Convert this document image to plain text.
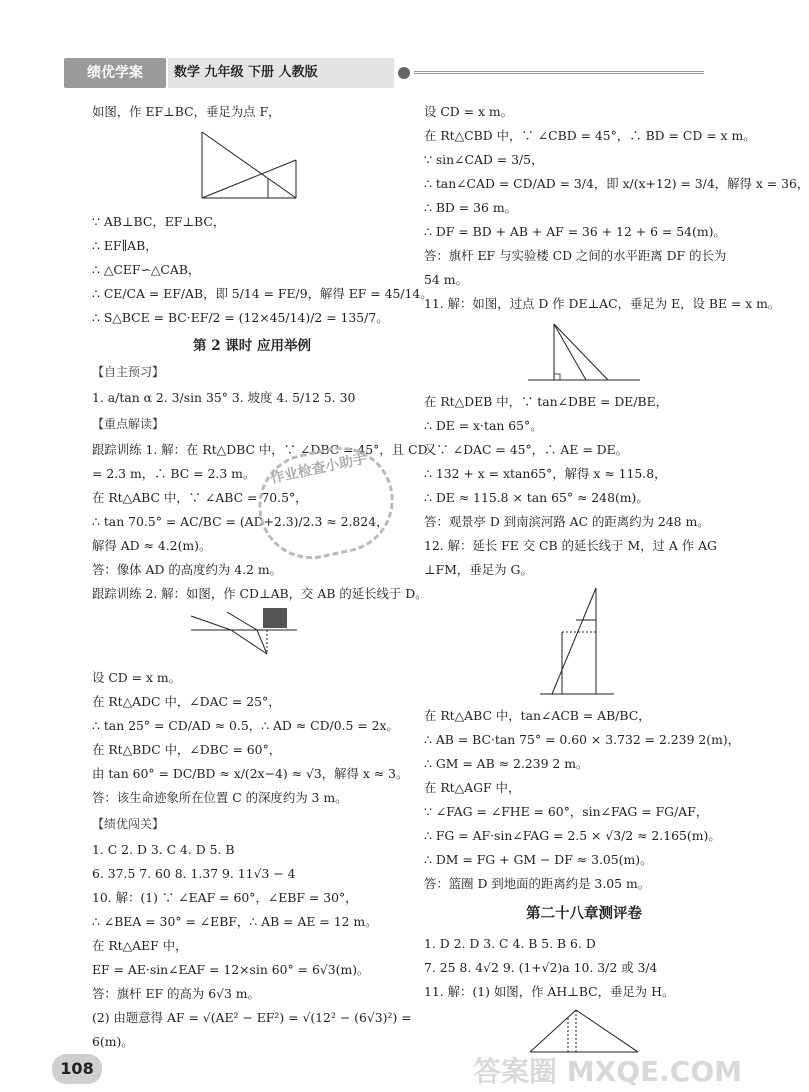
绩优学案	数学 九年级 下册 人教版

如图，作 EF⊥BC，垂足为点 F，

∵ AB⊥BC，EF⊥BC，

∴ EF∥AB，

∴ △CEF∽△CAB，

∴ CE/CA = EF/AB，即 5/14 = FE/9，解得 EF = 45/14。

∴ S△BCE = BC·EF/2 = (12×45/14)/2 = 135/7。

第 2 课时 应用举例
【自主预习】

1. a/tan α 2. 3/sin 35° 3. 坡度 4. 5/12 5. 30

【重点解读】

跟踪训练 1. 解：在 Rt△DBC 中，∵ ∠DBC = 45°，且 CD

= 2.3 m，∴ BC = 2.3 m。

在 Rt△ABC 中，∵ ∠ABC = 70.5°，

∴ tan 70.5° = AC/BC = (AD+2.3)/2.3 ≈ 2.824，

解得 AD ≈ 4.2(m)。

答：像体 AD 的高度约为 4.2 m。

跟踪训练 2. 解：如图，作 CD⊥AB，交 AB 的延长线于 D。

设 CD = x m。

在 Rt△ADC 中，∠DAC = 25°，

∴ tan 25° = CD/AD ≈ 0.5，∴ AD ≈ CD/0.5 = 2x。

在 Rt△BDC 中，∠DBC = 60°，

由 tan 60° = DC/BD ≈ x/(2x−4) ≈ √3，解得 x ≈ 3。

答：该生命迹象所在位置 C 的深度约为 3 m。

【绩优闯关】

1. C 2. D 3. C 4. D 5. B

6. 37.5 7. 60 8. 1.37 9. 11√3 − 4

10. 解：(1) ∵ ∠EAF = 60°，∠EBF = 30°，

∴ ∠BEA = 30° = ∠EBF，∴ AB = AE = 12 m。

在 Rt△AEF 中，

EF = AE·sin∠EAF = 12×sin 60° = 6√3(m)。

答：旗杆 EF 的高为 6√3 m。

(2) 由题意得 AF = √(AE² − EF²) = √(12² − (6√3)²) =

6(m)。

设 CD = x m。

在 Rt△CBD 中，∵ ∠CBD = 45°，∴ BD = CD = x m。

∵ sin∠CAD = 3/5，

∴ tan∠CAD = CD/AD = 3/4，即 x/(x+12) = 3/4，解得 x = 36，

∴ BD = 36 m。

∴ DF = BD + AB + AF = 36 + 12 + 6 = 54(m)。

答：旗杆 EF 与实验楼 CD 之间的水平距离 DF 的长为

54 m。

11. 解：如图，过点 D 作 DE⊥AC，垂足为 E，设 BE = x m。

在 Rt△DEB 中，∵ tan∠DBE = DE/BE，

∴ DE = x·tan 65°。

又∵ ∠DAC = 45°，∴ AE = DE。

∴ 132 + x = xtan65°，解得 x ≈ 115.8，

∴ DE ≈ 115.8 × tan 65° ≈ 248(m)。

答：观景亭 D 到南滨河路 AC 的距离约为 248 m。

12. 解：延长 FE 交 CB 的延长线于 M，过 A 作 AG

⊥FM，垂足为 G。

在 Rt△ABC 中，tan∠ACB = AB/BC，

∴ AB = BC·tan 75° = 0.60 × 3.732 = 2.239 2(m)，

∴ GM = AB ≈ 2.239 2 m。

在 Rt△AGF 中，

∵ ∠FAG = ∠FHE = 60°，sin∠FAG = FG/AF，

∴ FG = AF·sin∠FAG = 2.5 × √3/2 ≈ 2.165(m)。

∴ DM = FG + GM − DF ≈ 3.05(m)。

答：篮圈 D 到地面的距离约是 3.05 m。

第二十八章测评卷

1. D 2. D 3. C 4. B 5. B 6. D

7. 25 8. 4√2 9. (1+√2)a 10. 3/2 或 3/4

11. 解：(1) 如图，作 AH⊥BC，垂足为 H。

作业检查小助手
108	答案圈 MXQE.COM
